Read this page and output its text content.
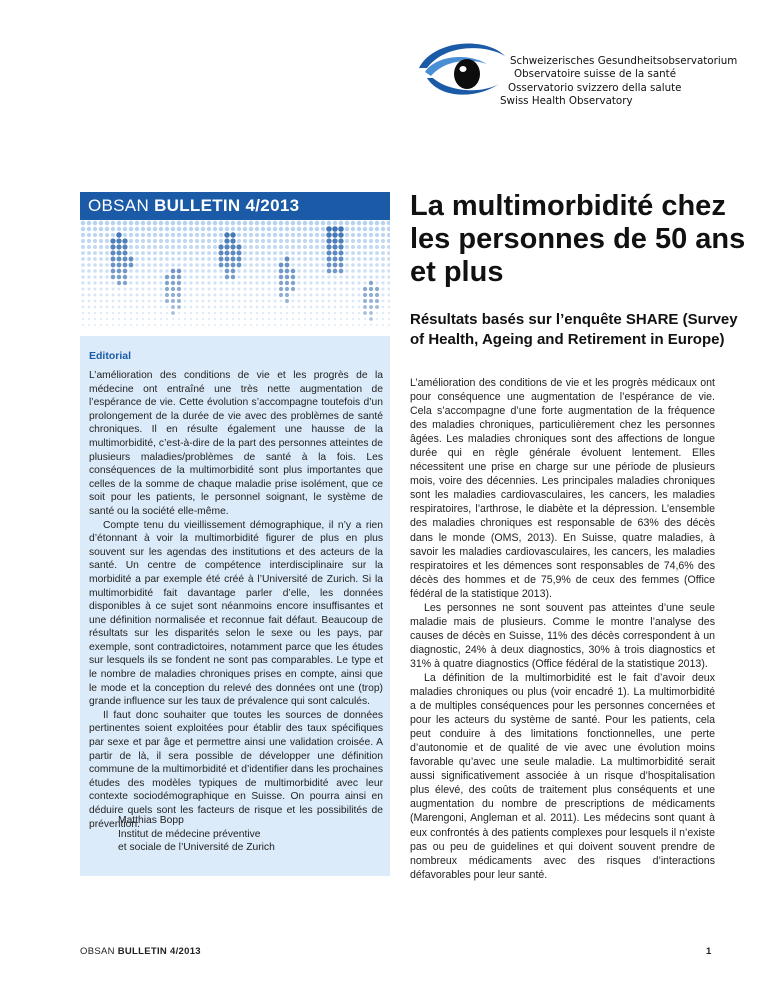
Schweizerisches Gesundheitsobservatorium
Observatoire suisse de la santé
Osservatorio svizzero della salute
Swiss Health Observatory
OBSAN BULLETIN 4/2013
Editorial

L’amélioration des conditions de vie et les progrès de la médecine ont entraîné une très nette augmentation de l’espérance de vie. Cette évolution s’accompagne toutefois d’un prolongement de la durée de vie avec des problèmes de santé chroniques. Il en résulte également une hausse de la multimorbidité, c’est-à-dire de la part des personnes atteintes de plusieurs maladies/problèmes de santé à la fois. Les conséquences de la multimorbidité sont plus importantes que celles de la somme de chaque maladie prise isolément, que ce soit pour les patients, le personnel soignant, le système de santé ou la société elle-même.

Compte tenu du vieillissement démographique, il n’y a rien d’étonnant à voir la multimorbidité figurer de plus en plus souvent sur les agendas des institutions et des acteurs de la santé. Un centre de compétence interdisciplinaire sur la morbidité a par exemple été créé à l’Université de Zurich. Si la multimorbidité fait davantage parler d’elle, les données disponibles à ce sujet sont néanmoins encore insuffisantes et une définition normalisée et reconnue fait défaut. Beaucoup de résultats sur les disparités selon le sexe ou les pays, par exemple, sont contradictoires, notamment parce que les études sur lesquels ils se fondent ne sont pas comparables. Le type et le nombre de maladies chroniques prises en compte, ainsi que le mode et la conception du relevé des données ont une (trop) grande influence sur les taux de prévalence qui sont calculés.

Il faut donc souhaiter que toutes les sources de données pertinentes soient exploitées pour établir des taux spécifiques par sexe et par âge et permettre ainsi une validation croisée. A partir de là, il sera possible de développer une définition commune de la multimorbidité et d’identifier dans les prochaines études des modèles typiques de multimorbidité avec leur contexte sociodémographique en Suisse. On pourra ainsi en déduire quels sont les facteurs de risque et les possibilités de prévention.

Matthias Bopp
Institut de médecine préventive
et sociale de l’Université de Zurich
La multimorbidité chez les personnes de 50 ans et plus
Résultats basés sur l’enquête SHARE (Survey of Health, Ageing and Retirement in Europe)

L’amélioration des conditions de vie et les progrès médicaux ont pour conséquence une augmentation de l’espérance de vie. Cela s’accompagne d’une forte augmentation de la fréquence des maladies chroniques, particulièrement chez les personnes âgées. Les maladies chroniques sont des affections de longue durée qui en règle générale évoluent lentement. Elles nécessitent une prise en charge sur une période de plusieurs mois, voire des décennies. Les principales maladies chroniques sont les maladies cardiovasculaires, les cancers, les maladies respiratoires, l’arthrose, le diabète et la dépression. L’ensemble des maladies chroniques est responsable de 63% des décès dans le monde (OMS, 2013). En Suisse, quatre maladies, à savoir les maladies cardiovasculaires, les cancers, les maladies respiratoires et les démences sont responsables de 74,6% des décès des hommes et de 75,9% de ceux des femmes (Office fédéral de la statistique 2013).

Les personnes ne sont souvent pas atteintes d’une seule maladie mais de plusieurs. Comme le montre l’analyse des causes de décès en Suisse, 11% des décès correspondent à un diagnostic, 24% à deux diagnostics, 30% à trois diagnostics et 31% à quatre diagnostics (Office fédéral de la statistique 2013).

La définition de la multimorbidité est le fait d’avoir deux maladies chroniques ou plus (voir encadré 1). La multimorbidité a de multiples conséquences pour les personnes concernées et pour les acteurs du système de santé. Pour les patients, cela peut conduire à des limitations fonctionnelles, une perte d’autonomie et de qualité de vie avec une évolution moins favorable qu’avec une seule maladie. La multimorbidité serait aussi significativement associée à un risque d’hospitalisation plus élevé, des coûts de traitement plus conséquents et une augmentation du nombre de prescriptions de médicaments (Marengoni, Angleman et al. 2011). Les médecins sont quant à eux confrontés à des patients complexes pour lesquels il n’existe pas ou peu de guidelines et qui doivent souvent prendre de nombreux médicaments avec des risques d’interactions défavorables pour leur santé.

OBSAN BULLETIN 4/2013	1
